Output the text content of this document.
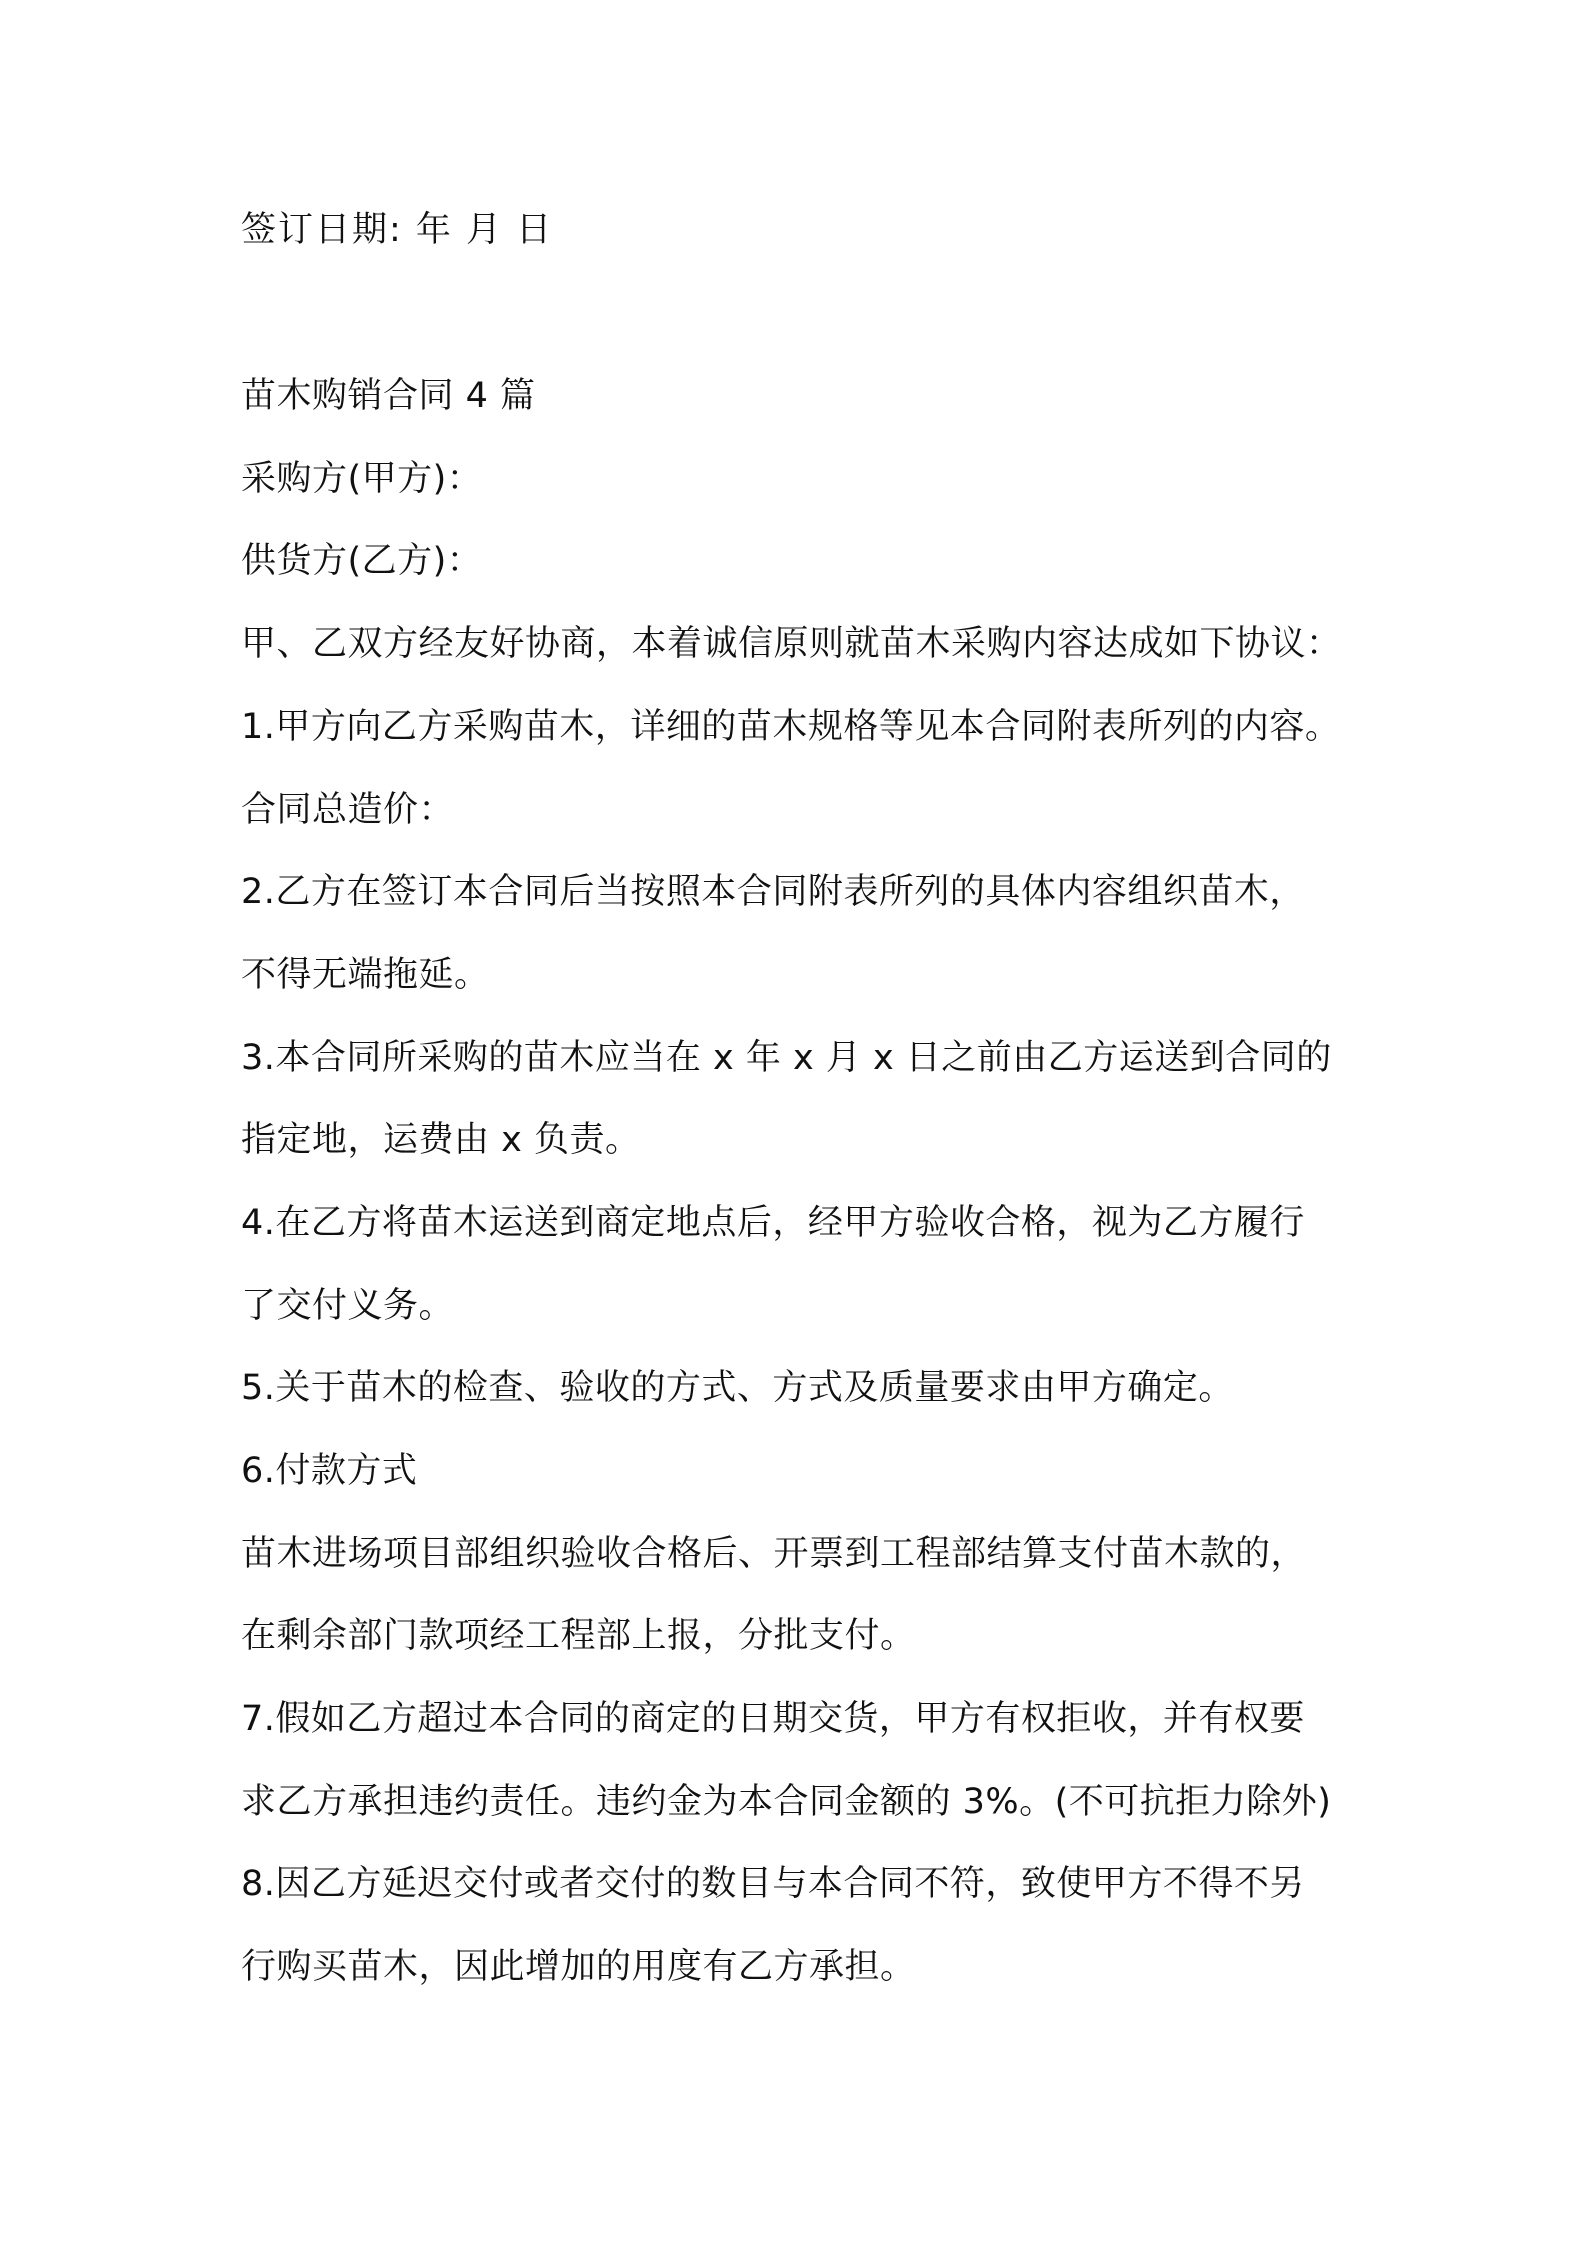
签订日期: 年 月 日
苗木购销合同 4 篇
采购方(甲方)：
供货方(乙方)：
甲、乙双方经友好协商，本着诚信原则就苗木采购内容达成如下协议：
1.甲方向乙方采购苗木，详细的苗木规格等见本合同附表所列的内容。
合同总造价：
2.乙方在签订本合同后当按照本合同附表所列的具体内容组织苗木，
不得无端拖延。
3.本合同所采购的苗木应当在 x 年 x 月 x 日之前由乙方运送到合同的
指定地，运费由 x 负责。
4.在乙方将苗木运送到商定地点后，经甲方验收合格，视为乙方履行
了交付义务。
5.关于苗木的检查、验收的方式、方式及质量要求由甲方确定。
6.付款方式
苗木进场项目部组织验收合格后、开票到工程部结算支付苗木款的，
在剩余部门款项经工程部上报，分批支付。
7.假如乙方超过本合同的商定的日期交货，甲方有权拒收，并有权要
求乙方承担违约责任。违约金为本合同金额的 3%。(不可抗拒力除外)
8.因乙方延迟交付或者交付的数目与本合同不符，致使甲方不得不另
行购买苗木，因此增加的用度有乙方承担。
